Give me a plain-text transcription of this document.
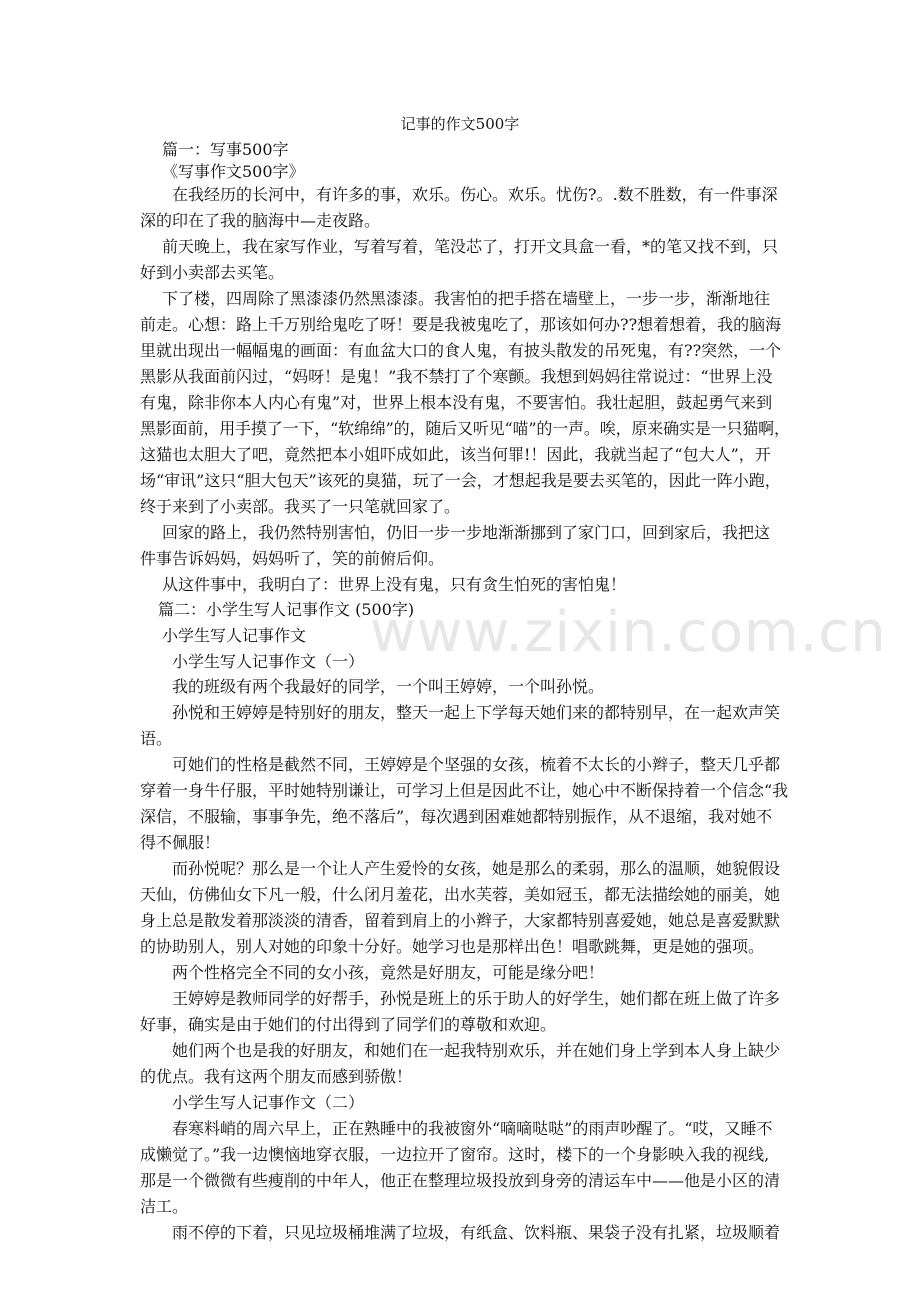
www.zixin.com.cn
记事的作文500字
篇一：写事500字
《写事作文500字》
在我经历的长河中，有许多的事，欢乐。伤心。欢乐。忧伤?。.数不胜数，有一件事深
深的印在了我的脑海中—走夜路。
前天晚上，我在家写作业，写着写着，笔没芯了，打开文具盒一看，*的笔又找不到，只
好到小卖部去买笔。
下了楼，四周除了黑漆漆仍然黑漆漆。我害怕的把手搭在墙壁上，一步一步，渐渐地往
前走。心想：路上千万别给鬼吃了呀！要是我被鬼吃了，那该如何办??想着想着，我的脑海
里就出现出一幅幅鬼的画面：有血盆大口的食人鬼，有披头散发的吊死鬼，有??突然，一个
黑影从我面前闪过，“妈呀！是鬼！”我不禁打了个寒颤。我想到妈妈往常说过：“世界上没
有鬼，除非你本人内心有鬼”对，世界上根本没有鬼，不要害怕。我壮起胆，鼓起勇气来到
黑影面前，用手摸了一下，“软绵绵”的，随后又听见“喵”的一声。唉，原来确实是一只猫啊，
这猫也太胆大了吧，竟然把本小姐吓成如此，该当何罪!！因此，我就当起了“包大人”，开
场“审讯”这只“胆大包天”该死的臭猫，玩了一会，才想起我是要去买笔的，因此一阵小跑，
终于来到了小卖部。我买了一只笔就回家了。
回家的路上，我仍然特别害怕，仍旧一步一步地渐渐挪到了家门口，回到家后，我把这
件事告诉妈妈，妈妈听了，笑的前俯后仰。
从这件事中，我明白了：世界上没有鬼，只有贪生怕死的害怕鬼！
篇二：小学生写人记事作文 (500字)
小学生写人记事作文
小学生写人记事作文（一）
我的班级有两个我最好的同学，一个叫王婷婷，一个叫孙悦。
孙悦和王婷婷是特别好的朋友，整天一起上下学每天她们来的都特别早，在一起欢声笑
语。
可她们的性格是截然不同，王婷婷是个坚强的女孩，梳着不太长的小辫子，整天几乎都
穿着一身牛仔服，平时她特别谦让，可学习上但是因此不让，她心中不断保持着一个信念“我
深信，不服输，事事争先，绝不落后”，每次遇到困难她都特别振作，从不退缩，我对她不
得不佩服！
而孙悦呢？那么是一个让人产生爱怜的女孩，她是那么的柔弱，那么的温顺，她貌假设
天仙，仿佛仙女下凡一般，什么闭月羞花，出水芙蓉，美如冠玉，都无法描绘她的丽美，她
身上总是散发着那淡淡的清香，留着到肩上的小辫子，大家都特别喜爱她，她总是喜爱默默
的协助别人，别人对她的印象十分好。她学习也是那样出色！唱歌跳舞，更是她的强项。
两个性格完全不同的女小孩，竟然是好朋友，可能是缘分吧！
王婷婷是教师同学的好帮手，孙悦是班上的乐于助人的好学生，她们都在班上做了许多
好事，确实是由于她们的付出得到了同学们的尊敬和欢迎。
她们两个也是我的好朋友，和她们在一起我特别欢乐，并在她们身上学到本人身上缺少
的优点。我有这两个朋友而感到骄傲！
小学生写人记事作文（二）
春寒料峭的周六早上，正在熟睡中的我被窗外“嘀嘀哒哒”的雨声吵醒了。“哎，又睡不
成懒觉了。”我一边懊恼地穿衣服，一边拉开了窗帘。这时，楼下的一个身影映入我的视线,
那是一个微微有些瘦削的中年人，他正在整理垃圾投放到身旁的清运车中——他是小区的清
洁工。
雨不停的下着，只见垃圾桶堆满了垃圾，有纸盒、饮料瓶、果袋子没有扎紧，垃圾顺着
